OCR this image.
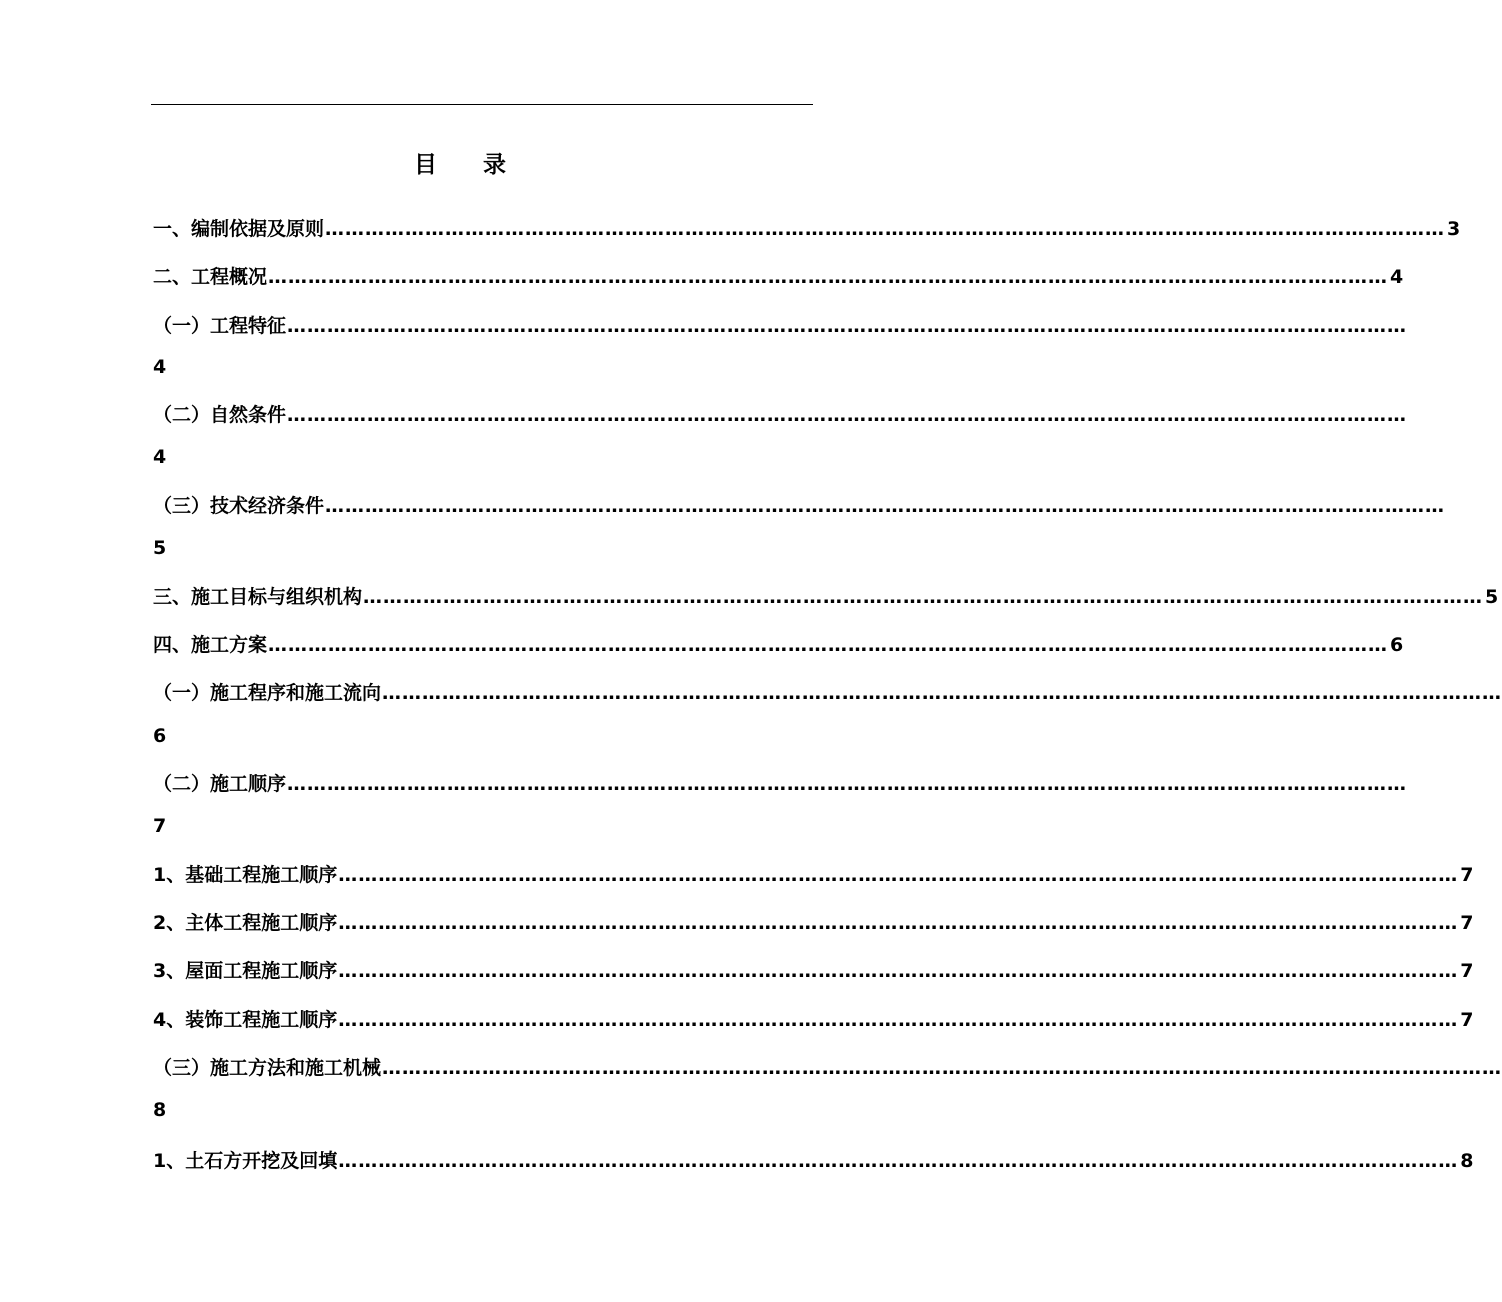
目 录
一、编制依据及原则 …………………………………………………………………………………………………………………………………………………… 3
二、工程概况 …………………………………………………………………………………………………………………………………………………… 4
（一）工程特征 ……………………………………………………………………………………………………………………………………………………
4
（二）自然条件 ……………………………………………………………………………………………………………………………………………………
4
（三）技术经济条件 ……………………………………………………………………………………………………………………………………………………
5
三、施工目标与组织机构 …………………………………………………………………………………………………………………………………………………… 5
四、施工方案 …………………………………………………………………………………………………………………………………………………… 6
（一）施工程序和施工流向 ……………………………………………………………………………………………………………………………………………………
6
（二）施工顺序 ……………………………………………………………………………………………………………………………………………………
7
1、基础工程施工顺序 …………………………………………………………………………………………………………………………………………………… 7
2、主体工程施工顺序 …………………………………………………………………………………………………………………………………………………… 7
3、屋面工程施工顺序 …………………………………………………………………………………………………………………………………………………… 7
4、装饰工程施工顺序 …………………………………………………………………………………………………………………………………………………… 7
（三）施工方法和施工机械 ……………………………………………………………………………………………………………………………………………………
8
1、土石方开挖及回填 …………………………………………………………………………………………………………………………………………………… 8
